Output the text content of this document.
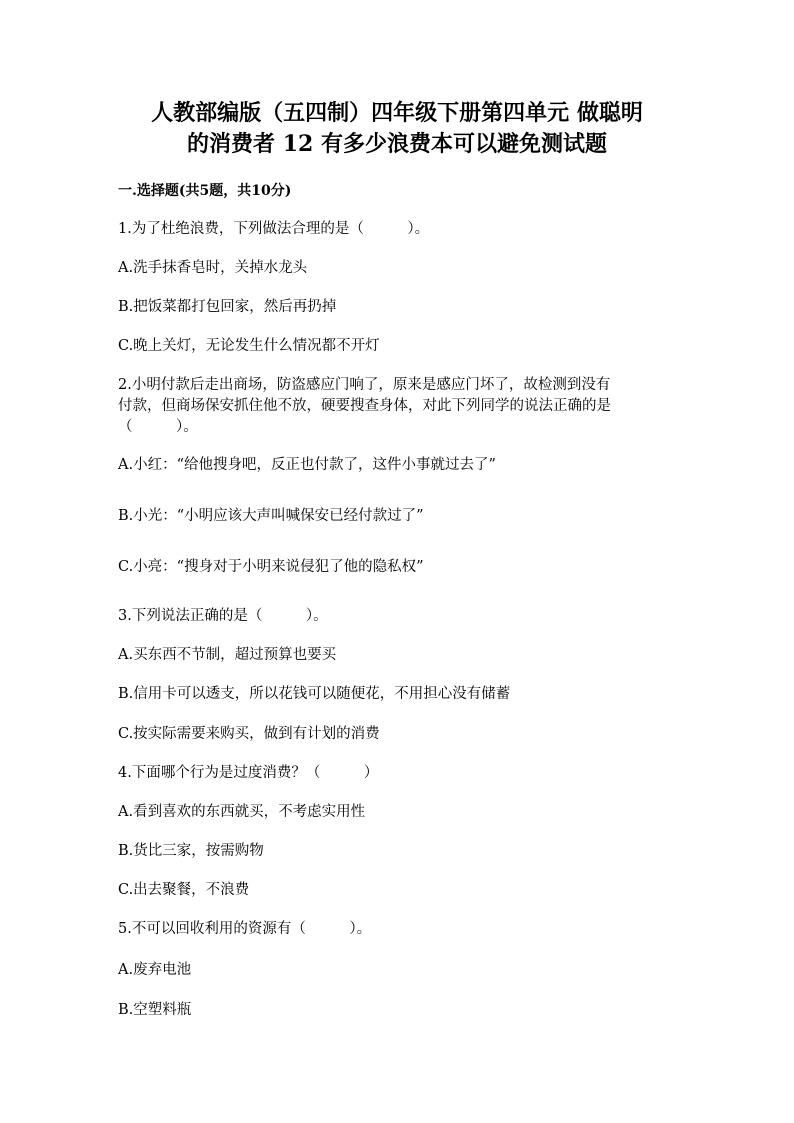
人教部编版（五四制）四年级下册第四单元 做聪明
的消费者 12 有多少浪费本可以避免测试题
一.选择题(共5题，共10分)
1.为了杜绝浪费，下列做法合理的是（　　　）。
A.洗手抹香皂时，关掉水龙头
B.把饭菜都打包回家，然后再扔掉
C.晚上关灯，无论发生什么情况都不开灯
2.小明付款后走出商场，防盗感应门响了，原来是感应门坏了，故检测到没有
付款，但商场保安抓住他不放，硬要搜查身体，对此下列同学的说法正确的是
（　　　）。
A.小红：“给他搜身吧，反正也付款了，这件小事就过去了”
B.小光：“小明应该大声叫喊保安已经付款过了”
C.小亮：“搜身对于小明来说侵犯了他的隐私权”
3.下列说法正确的是（　　　）。
A.买东西不节制，超过预算也要买
B.信用卡可以透支，所以花钱可以随便花，不用担心没有储蓄
C.按实际需要来购买，做到有计划的消费
4.下面哪个行为是过度消费？（　　　）
A.看到喜欢的东西就买，不考虑实用性
B.货比三家，按需购物
C.出去聚餐，不浪费
5.不可以回收利用的资源有（　　　）。
A.废弃电池
B.空塑料瓶
